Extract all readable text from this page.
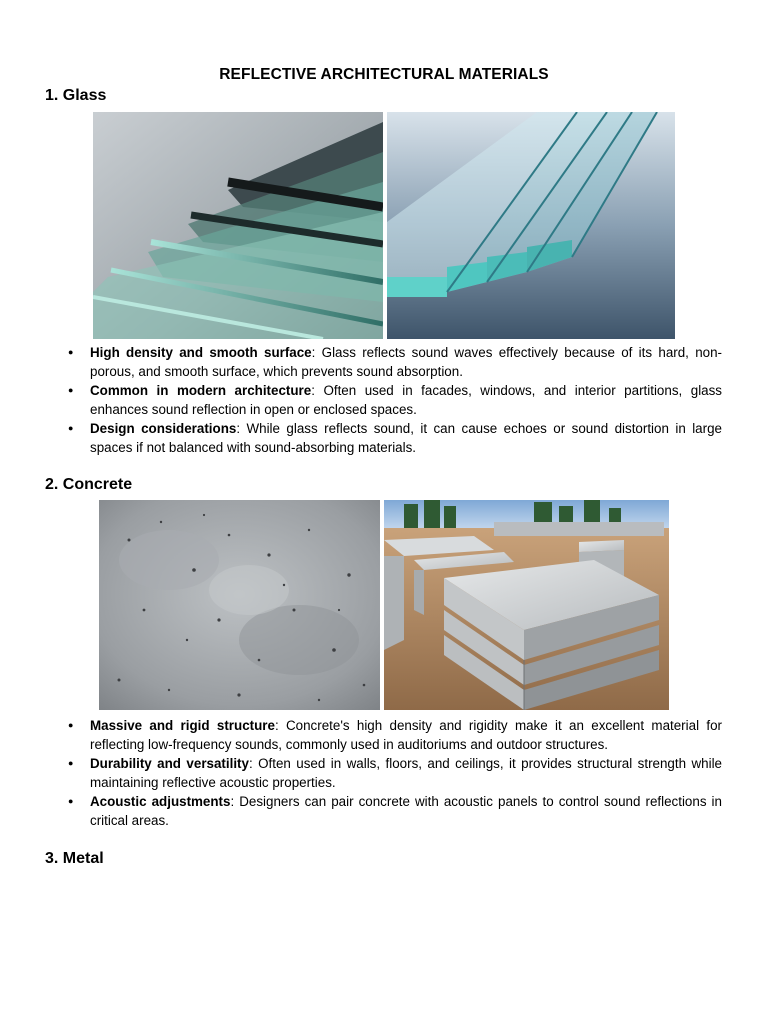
REFLECTIVE ARCHITECTURAL MATERIALS
1. Glass
● High density and smooth surface: Glass reflects sound waves effectively because of its hard, non-porous, and smooth surface, which prevents sound absorption.
● Common in modern architecture: Often used in facades, windows, and interior partitions, glass enhances sound reflection in open or enclosed spaces.
● Design considerations: While glass reflects sound, it can cause echoes or sound distortion in large spaces if not balanced with sound-absorbing materials.
2. Concrete
● Massive and rigid structure: Concrete's high density and rigidity make it an excellent material for reflecting low-frequency sounds, commonly used in auditoriums and outdoor structures.
● Durability and versatility: Often used in walls, floors, and ceilings, it provides structural strength while maintaining reflective acoustic properties.
● Acoustic adjustments: Designers can pair concrete with acoustic panels to control sound reflections in critical areas.
3. Metal
